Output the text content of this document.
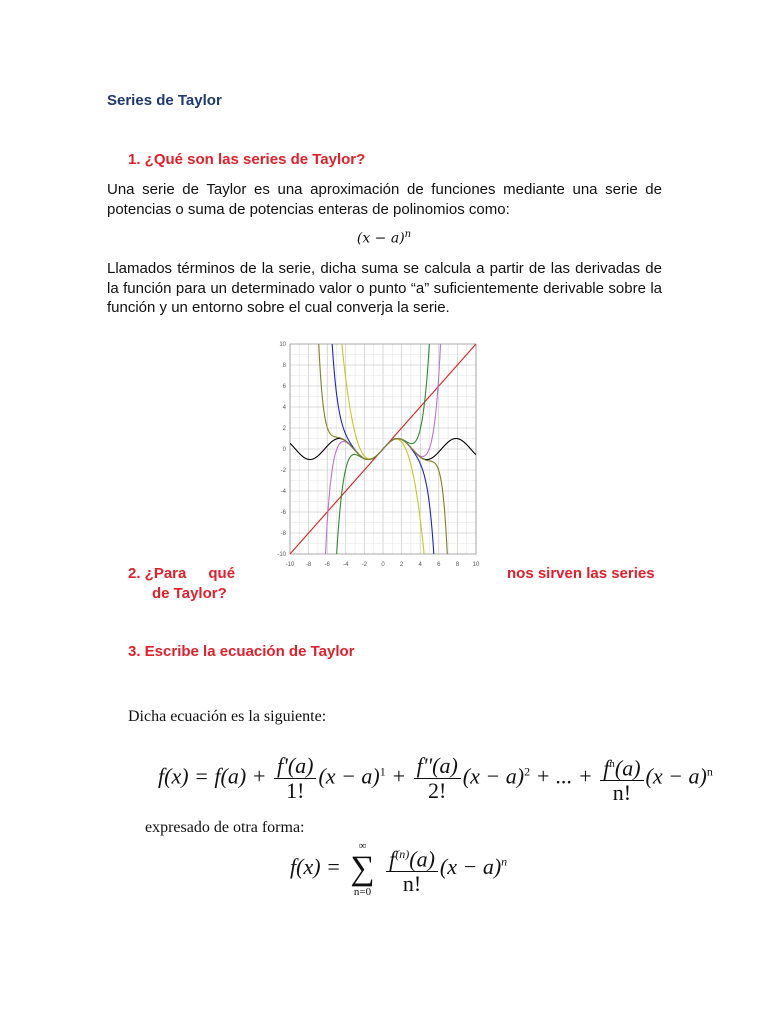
Series de Taylor
1. ¿Qué son las series de Taylor?
Una serie de Taylor es una aproximación de funciones mediante una serie de potencias o suma de potencias enteras de polinomios como:
$(x - a)^n$
Llamados términos de la serie, dicha suma se calcula a partir de las derivadas de la función para un determinado valor o punto “a” suficientemente derivable sobre la función y un entorno sobre el cual converja la serie.
-10 -8 -6 -4 -2 0	2	4	6	8 10
10
8
6
4
2
0
-2
-4
-6
-8
-10
2. ¿Para qué	nos sirven las series
de Taylor?
3. Escribe la ecuación de Taylor
Dicha ecuación es la siguiente:
$f(x) = f(a) + \frac{f'(a)}{1!} (x - a)^1 + \frac{f''(a)}{2!} (x - a)^2$ + ... + $\frac{f^n(a)}{n!} (x - a)^n$
expresado de otra forma:
f(x) =
∞
∑
n=0
$\frac{f^{(n)}(a)}{n!} (x - a)^n$
